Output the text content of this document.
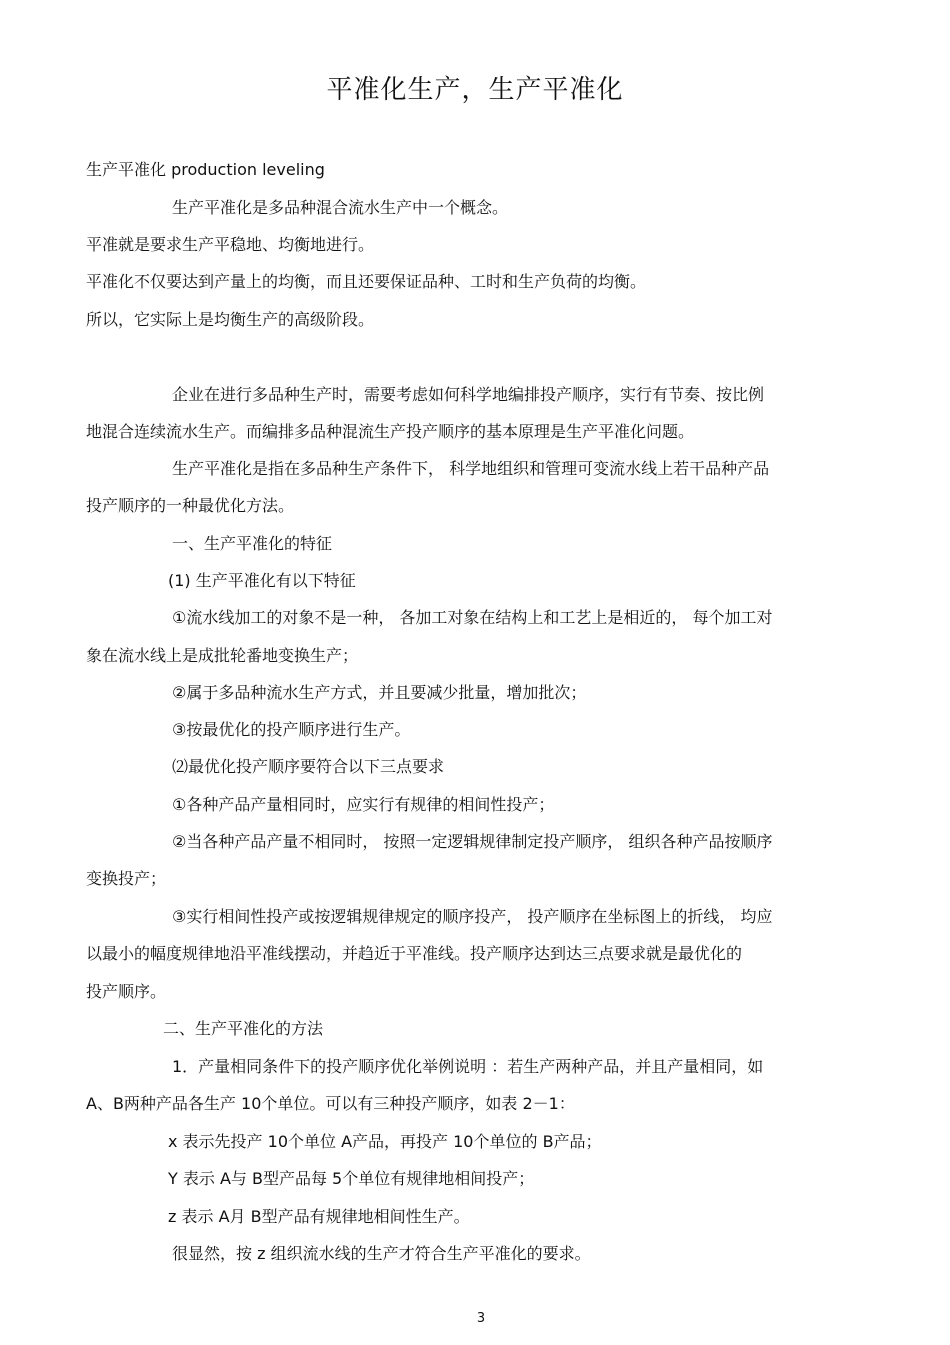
平准化生产，生产平准化
生产平准化 production leveling
生产平准化是多品种混合流水生产中一个概念。
平准就是要求生产平稳地、均衡地进行。
平准化不仅要达到产量上的均衡，而且还要保证品种、工时和生产负荷的均衡。
所以，它实际上是均衡生产的高级阶段。
企业在进行多品种生产时，需要考虑如何科学地编排投产顺序，实行有节奏、按比例
地混合连续流水生产。而编排多品种混流生产投产顺序的基本原理是生产平准化问题。
生产平准化是指在多品种生产条件下， 科学地组织和管理可变流水线上若干品种产品
投产顺序的一种最优化方法。
一、生产平准化的特征
(1) 生产平准化有以下特征
①流水线加工的对象不是一种， 各加工对象在结构上和工艺上是相近的， 每个加工对
象在流水线上是成批轮番地变换生产；
②属于多品种流水生产方式，并且要减少批量，增加批次；
③按最优化的投产顺序进行生产。
⑵最优化投产顺序要符合以下三点要求
①各种产品产量相同时，应实行有规律的相间性投产；
②当各种产品产量不相同时， 按照一定逻辑规律制定投产顺序， 组织各种产品按顺序
变换投产；
③实行相间性投产或按逻辑规律规定的顺序投产， 投产顺序在坐标图上的折线， 均应
以最小的幅度规律地沿平准线摆动，并趋近于平准线。投产顺序达到达三点要求就是最优化的
投产顺序。
二、生产平准化的方法
1．产量相同条件下的投产顺序优化举例说明 ：若生产两种产品，并且产量相同，如
A、B两种产品各生产 10个单位。可以有三种投产顺序，如表 2－1：
x 表示先投产 10个单位 A产品，再投产 10个单位的 B产品；
Y 表示 A与 B型产品每 5个单位有规律地相间投产；
z 表示 A月 B型产品有规律地相间性生产。
很显然，按 z 组织流水线的生产才符合生产平准化的要求。
3
